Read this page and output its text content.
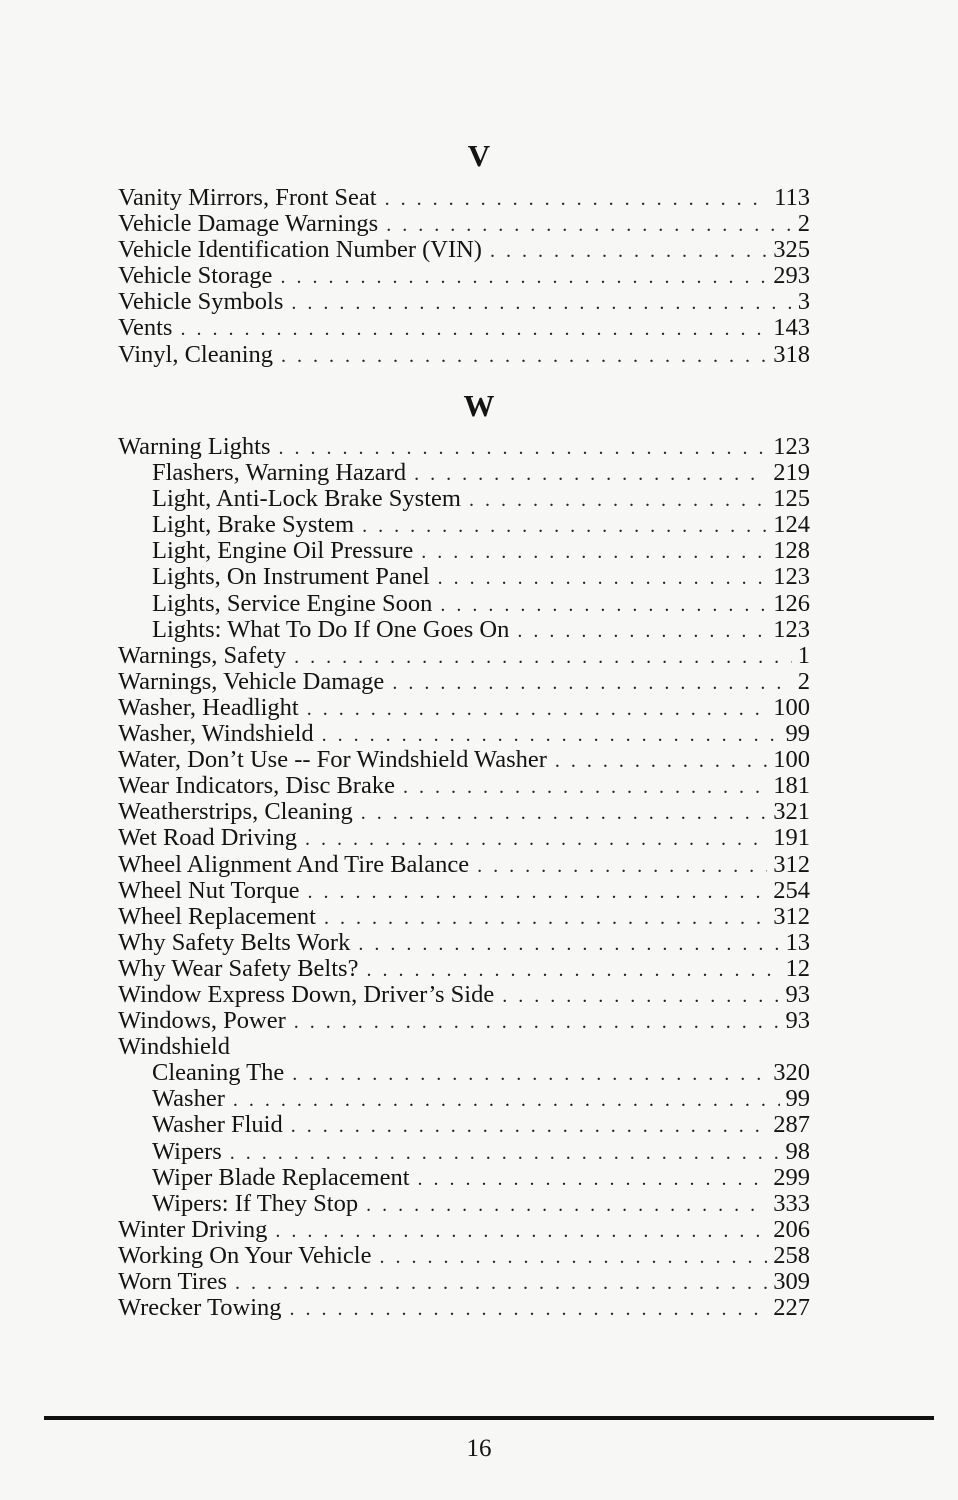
V
Vanity Mirrors, Front Seat . . .	113
Vehicle Damage Warnings . . .	2
Vehicle Identification Number (VIN) . . .	325
Vehicle Storage . . .	293
Vehicle Symbols . . .	3
Vents . . .	143
Vinyl, Cleaning . . .	318
W
Warning Lights . . .	123
Flashers, Warning Hazard . . .	219
Light, Anti-Lock Brake System . . .	125
Light, Brake System . . .	124
Light, Engine Oil Pressure . . .	128
Lights, On Instrument Panel . . .	123
Lights, Service Engine Soon . . .	126
Lights: What To Do If One Goes On . . .	123
Warnings, Safety . . .	1
Warnings, Vehicle Damage . . .	2
Washer, Headlight . . .	100
Washer, Windshield . . .	99
Water, Don’t Use -- For Windshield Washer . . .	100
Wear Indicators, Disc Brake . . .	181
Weatherstrips, Cleaning . . .	321
Wet Road Driving . . .	191
Wheel Alignment And Tire Balance . . .	312
Wheel Nut Torque . . .	254
Wheel Replacement . . .	312
Why Safety Belts Work . . .	13
Why Wear Safety Belts? . . .	12
Window Express Down, Driver’s Side . . .	93
Windows, Power . . .	93
Windshield
Cleaning The . . .	320
Washer . . .	99
Washer Fluid . . .	287
Wipers . . .	98
Wiper Blade Replacement . . .	299
Wipers: If They Stop . . .	333
Winter Driving . . .	206
Working On Your Vehicle . . .	258
Worn Tires . . .	309
Wrecker Towing . . .	227
16
